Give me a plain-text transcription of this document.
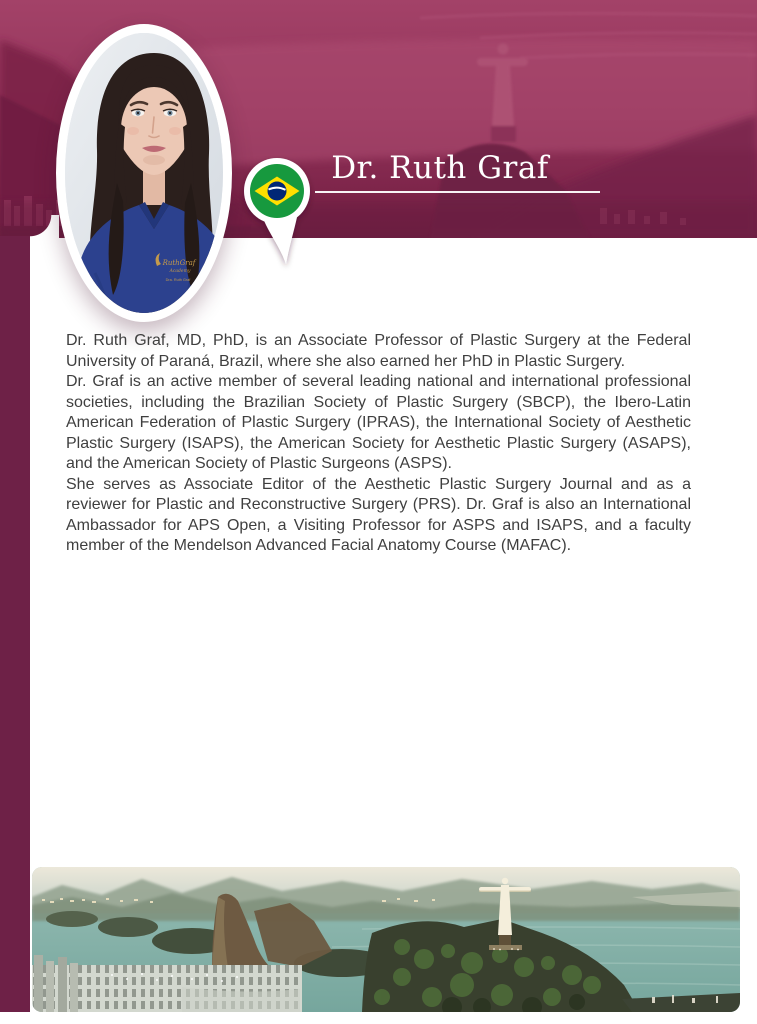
Dr. Ruth Graf
RuthGraf
Academy
Dra. Ruth Graf

Dr. Ruth Graf, MD, PhD, is an Associate Professor of Plastic Surgery at the Federal University of Paraná, Brazil, where she also earned her PhD in Plastic Surgery.

Dr. Graf is an active member of several leading national and international professional societies, including the Brazilian Society of Plastic Surgery (SBCP), the Ibero-Latin American Federation of Plastic Surgery (IPRAS), the International Society of Aesthetic Plastic Surgery (ISAPS), the American Society for Aesthetic Plastic Surgery (ASAPS), and the American Society of Plastic Surgeons (ASPS).

She serves as Associate Editor of the Aesthetic Plastic Surgery Journal and as a reviewer for Plastic and Reconstructive Surgery (PRS). Dr. Graf is also an International Ambassador for APS Open, a Visiting Professor for ASPS and ISAPS, and a faculty member of the Mendelson Advanced Facial Anatomy Course (MAFAC).
